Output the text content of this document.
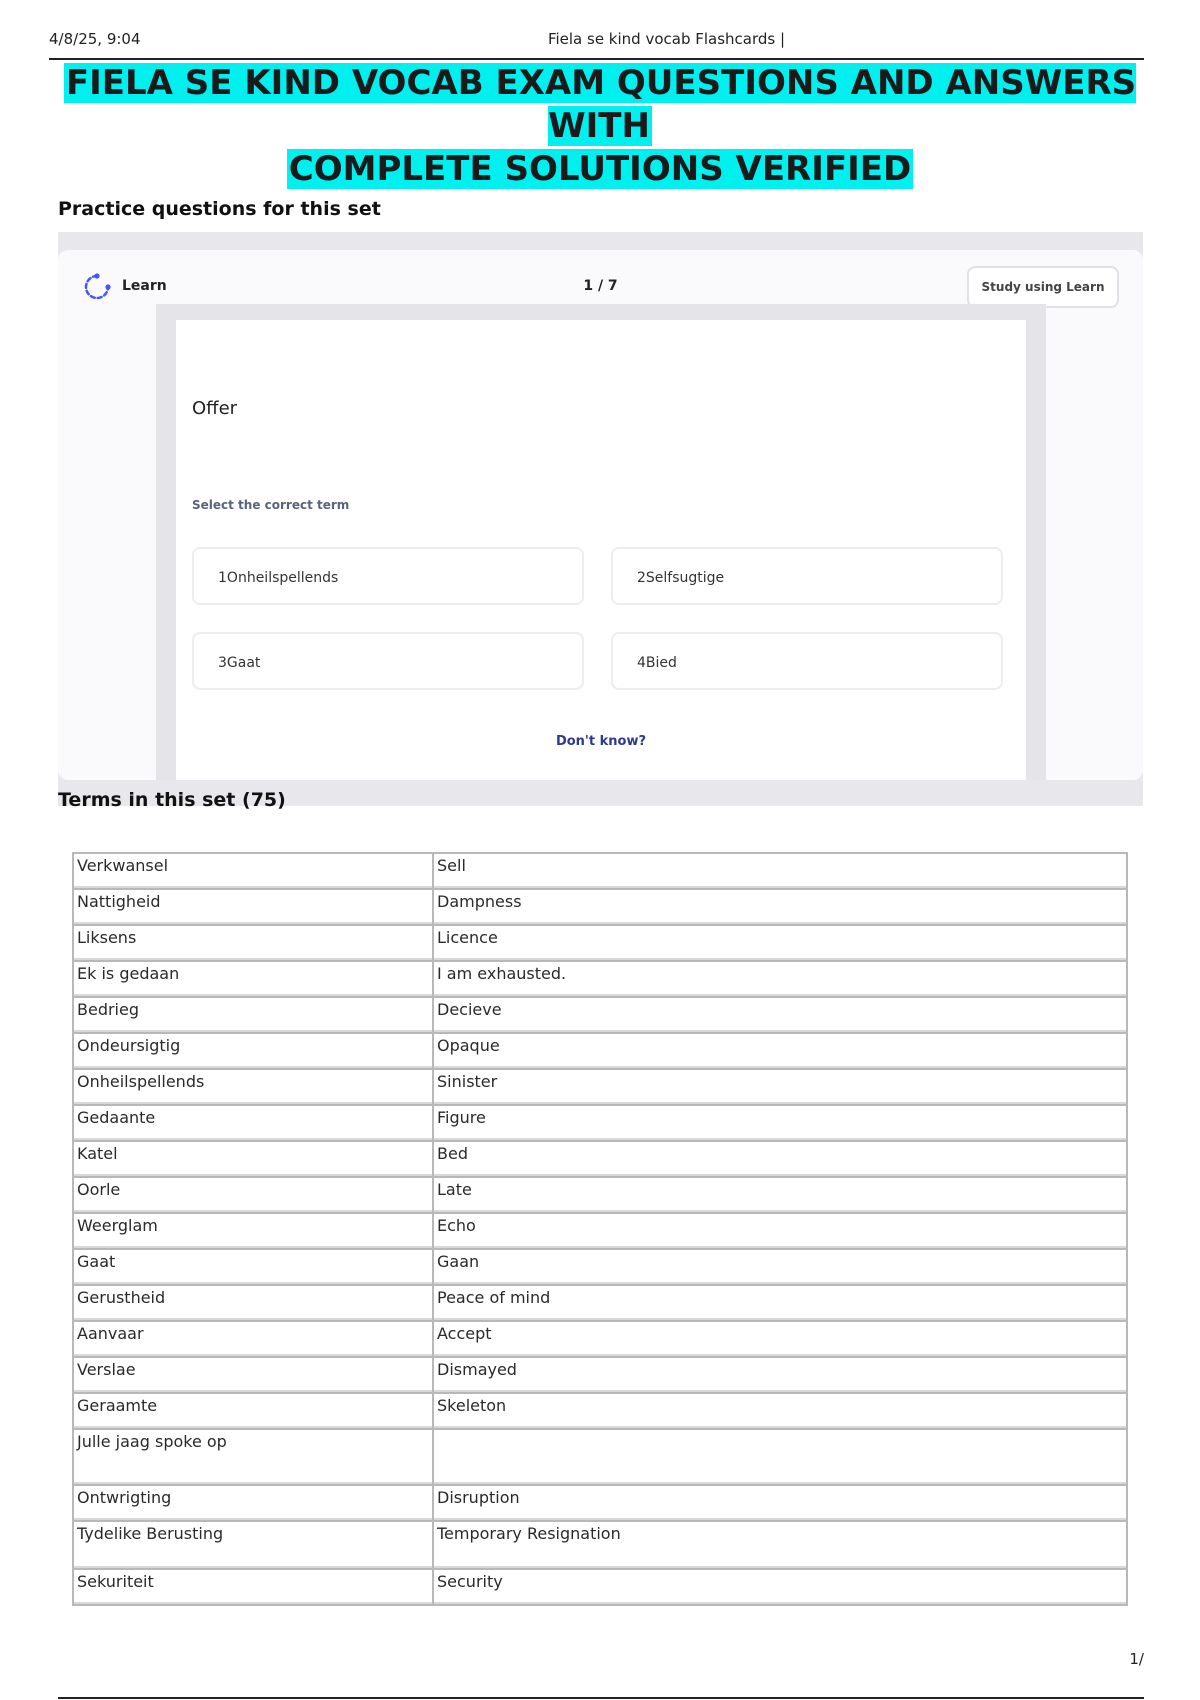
4/8/25, 9:04	Fiela se kind vocab Flashcards |
FIELA SE KIND VOCAB EXAM QUESTIONS AND ANSWERS WITH
COMPLETE SOLUTIONS VERIFIED
Practice questions for this set
Learn	1 / 7	Study using Learn
Offer
Select the correct term
1Onheilspellends	2Selfsugtige
3Gaat	4Bied
Don't know?
Terms in this set (75)
Verkwansel	Sell
Nattigheid	Dampness
Liksens	Licence
Ek is gedaan	I am exhausted.
Bedrieg	Decieve
Ondeursigtig	Opaque
Onheilspellends	Sinister
Gedaante	Figure
Katel	Bed
Oorle	Late
Weerglam	Echo
Gaat	Gaan
Gerustheid	Peace of mind
Aanvaar	Accept
Verslae	Dismayed
Geraamte	Skeleton
Julle jaag spoke op	
Ontwrigting	Disruption
Tydelike Berusting	Temporary Resignation
Sekuriteit	Security
1/
